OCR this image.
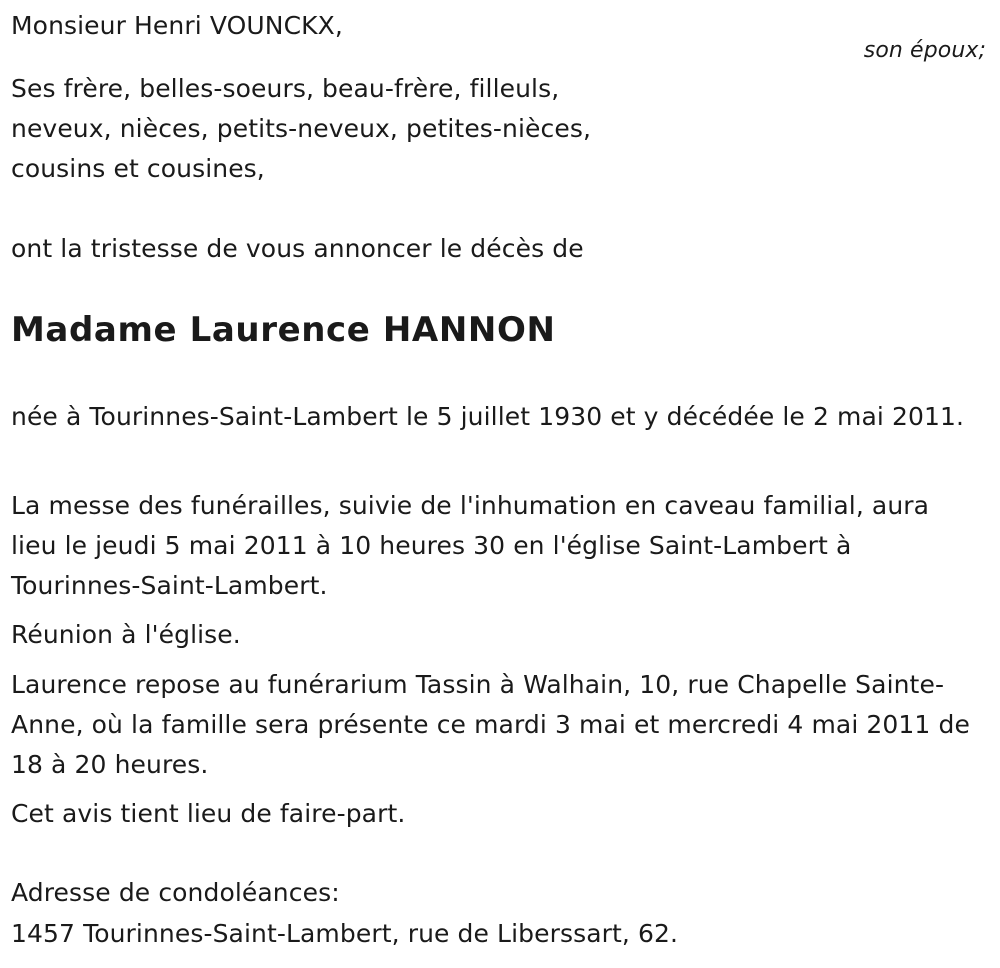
Monsieur Henri VOUNCKX,
son époux;
Ses frère, belles-soeurs, beau-frère, filleuls,
neveux, nièces, petits-neveux, petites-nièces,
cousins et cousines,
ont la tristesse de vous annoncer le décès de
Madame Laurence HANNON
née à Tourinnes-Saint-Lambert le 5 juillet 1930 et y décédée le 2 mai 2011.
La messe des funérailles, suivie de l'inhumation en caveau familial, aura lieu le jeudi 5 mai 2011 à 10 heures 30 en l'église Saint-Lambert à Tourinnes-Saint-Lambert.
Réunion à l'église.
Laurence repose au funérarium Tassin à Walhain, 10, rue Chapelle Sainte-Anne, où la famille sera présente ce mardi 3 mai et mercredi 4 mai 2011 de 18 à 20 heures.
Cet avis tient lieu de faire-part.
Adresse de condoléances:
1457 Tourinnes-Saint-Lambert, rue de Liberssart, 62.
